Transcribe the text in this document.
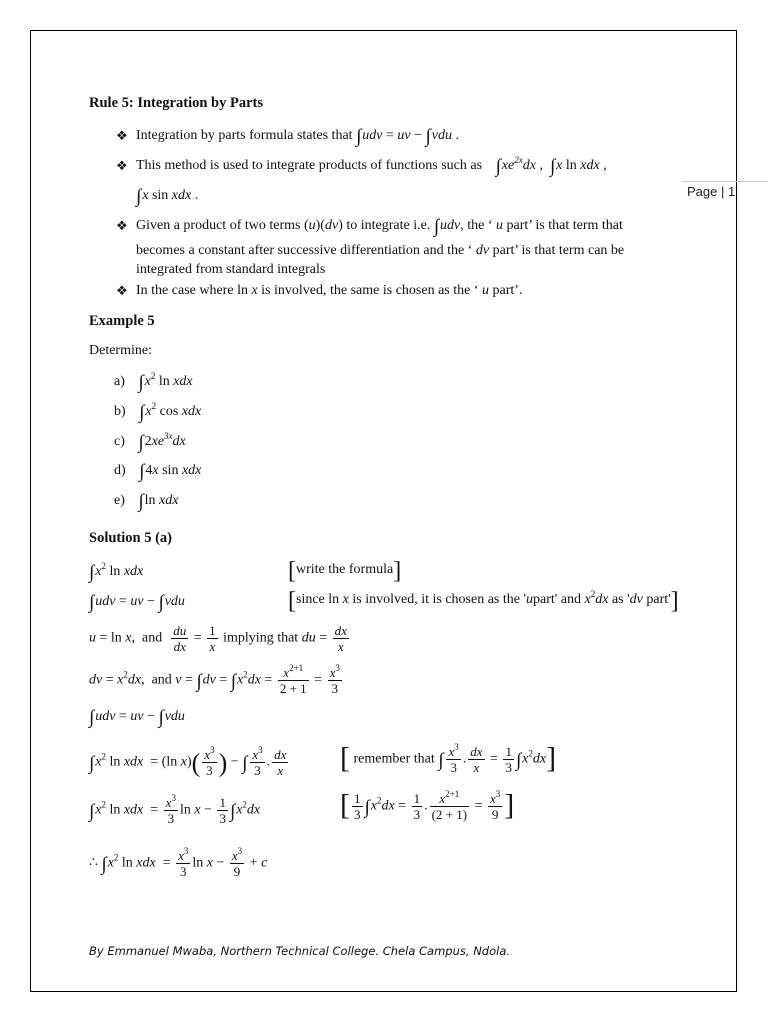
Page | 1
Rule 5: Integration by Parts
❖ Integration by parts formula states that ∫udv = uv − ∫vdu .
❖ This method is used to integrate products of functions such as $\int xe^{2x}dx$ ,  ∫x ln xdx ,
∫x sin xdx .
❖ Given a product of two terms (u)(dv) to integrate i.e. ∫udv, the ‘ u part’ is that term that
becomes a constant after successive differentiation and the ‘ dv part’ is that term can be
integrated from standard integrals
❖ In the case where ln x is involved, the same is chosen as the ‘ u part’.
Example 5
Determine:
a) $\int x^2$ ln xdx
b) $\int x^2$ cos xdx
c) $\int 2xe^{3x}dx$
d) ∫4x sin xdx
e) ∫ln xdx
Solution 5 (a)
$\int x^2$ ln xdx	[write the formula]
∫udv = uv − ∫vdu	[since ln x is involved, it is chosen as the 'upart' and $x^2dx$ as 'dv part']
u = ln x,  and $\frac{du}{dx} = \frac{1}{x}$ implying that du = $\frac{dx}{x}$
dv = $x^2dx$,  and $v = \int dv = \int x^2dx = \frac{x^{2+1}}{2 + 1} = \frac{x^3}{3}$
∫udv = uv − ∫vdu
$\int x^2$ ln xdx  = (ln $x)( \frac{x^3}{3}$ ) − ∫ $\frac{x^3}{3}$ . $\frac{dx}{x}$ [ remember that ∫ $\frac{x^3}{3}$ . $\frac{dx}{x} = \frac{1}{3} \int x^2dx$]
$\int x^2$ ln xdx  = $\frac{x^3}{3}$ $\ln x - \frac{1}{3} \int x^2dx$	[ $\frac{1}{3} \int x^2dx = \frac{1}{3}$ . $\frac{x^{2+1}}{(2 + 1)} = \frac{x^3}{9}$ ]
∴ $\int x^2$ ln xdx  = $\frac{x^3}{3}$ $\ln x - \frac{x^3}{9} + c$
By Emmanuel Mwaba, Northern Technical College. Chela Campus, Ndola.
